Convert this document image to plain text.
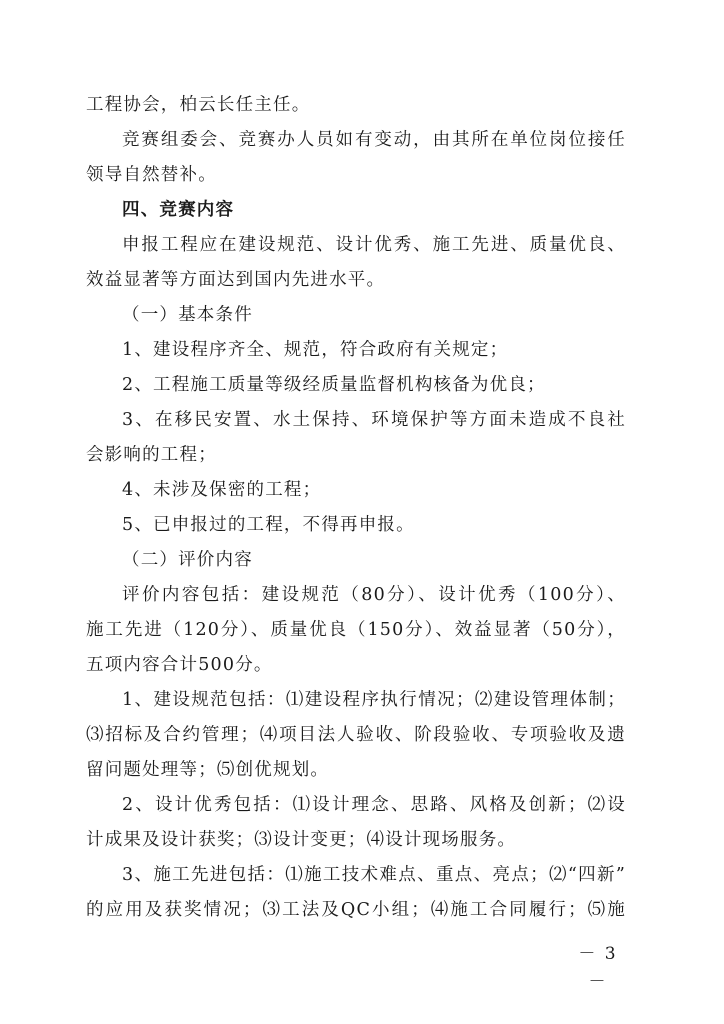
工程协会，柏云长任主任。
竞赛组委会、竞赛办人员如有变动，由其所在单位岗位接任
领导自然替补。
四、竞赛内容
申报工程应在建设规范、设计优秀、施工先进、质量优良、
效益显著等方面达到国内先进水平。
（一）基本条件
1、建设程序齐全、规范，符合政府有关规定；
2、工程施工质量等级经质量监督机构核备为优良；
3、在移民安置、水土保持、环境保护等方面未造成不良社
会影响的工程；
4、未涉及保密的工程；
5、已申报过的工程，不得再申报。
（二）评价内容
评价内容包括：建设规范（80分）、设计优秀（100分）、
施工先进（120分）、质量优良（150分）、效益显著（50分），
五项内容合计500分。
1、建设规范包括：⑴建设程序执行情况；⑵建设管理体制；
⑶招标及合约管理；⑷项目法人验收、阶段验收、专项验收及遗
留问题处理等；⑸创优规划。
2、设计优秀包括：⑴设计理念、思路、风格及创新；⑵设
计成果及设计获奖；⑶设计变更；⑷设计现场服务。
3、施工先进包括：⑴施工技术难点、重点、亮点；⑵“四新”
的应用及获奖情况；⑶工法及QC小组；⑷施工合同履行；⑸施
－ 3 －
